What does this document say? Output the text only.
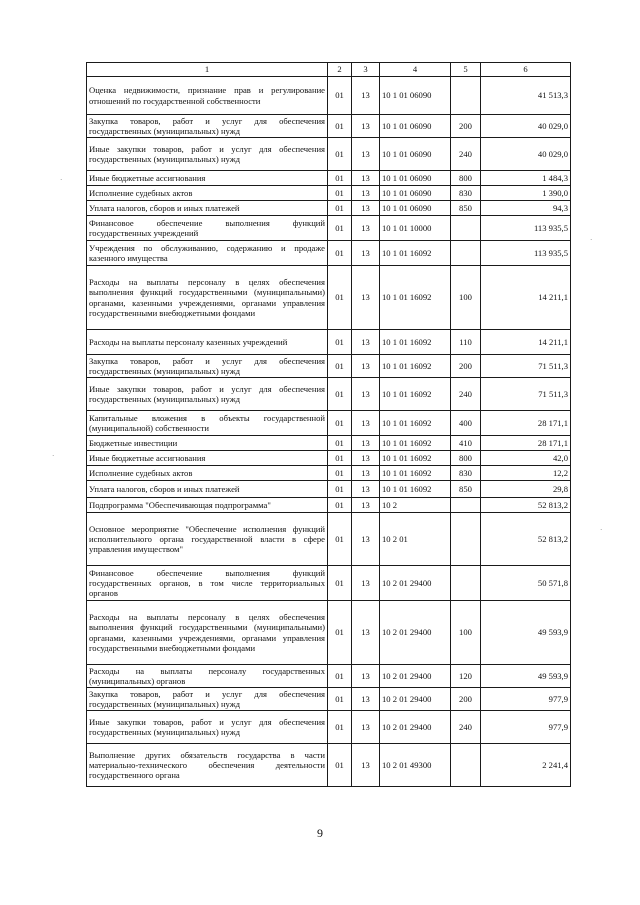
1	2	3	4	5	6
Оценка недвижимости, признание прав и регулирование отношений по государственной собственности	01	13	10 1 01 06090		41 513,3
Закупка товаров, работ и услуг для обеспечения государственных (муниципальных) нужд	01	13	10 1 01 06090	200	40 029,0
Иные закупки товаров, работ и услуг для обеспечения государственных (муниципальных) нужд	01	13	10 1 01 06090	240	40 029,0
Иные бюджетные ассигнования	01	13	10 1 01 06090	800	1 484,3
Исполнение судебных актов	01	13	10 1 01 06090	830	1 390,0
Уплата налогов, сборов и иных платежей	01	13	10 1 01 06090	850	94,3
Финансовое обеспечение выполнения функций государственных учреждений	01	13	10 1 01 10000		113 935,5
Учреждения по обслуживанию, содержанию и продаже казенного имущества	01	13	10 1 01 16092		113 935,5
Расходы на выплаты персоналу в целях обеспечения выполнения функций государственными (муниципальными) органами, казенными учреждениями, органами управления государственными внебюджетными фондами	01	13	10 1 01 16092	100	14 211,1
Расходы на выплаты персоналу казенных учреждений	01	13	10 1 01 16092	110	14 211,1
Закупка товаров, работ и услуг для обеспечения государственных (муниципальных) нужд	01	13	10 1 01 16092	200	71 511,3
Иные закупки товаров, работ и услуг для обеспечения государственных (муниципальных) нужд	01	13	10 1 01 16092	240	71 511,3
Капитальные вложения в объекты государственной (муниципальной) собственности	01	13	10 1 01 16092	400	28 171,1
Бюджетные инвестиции	01	13	10 1 01 16092	410	28 171,1
Иные бюджетные ассигнования	01	13	10 1 01 16092	800	42,0
Исполнение судебных актов	01	13	10 1 01 16092	830	12,2
Уплата налогов, сборов и иных платежей	01	13	10 1 01 16092	850	29,8
Подпрограмма "Обеспечивающая подпрограмма"	01	13	10 2		52 813,2
Основное мероприятие "Обеспечение исполнения функций исполнительного органа государственной власти в сфере управления имуществом"	01	13	10 2 01		52 813,2
Финансовое обеспечение выполнения функций государственных органов, в том числе территориальных органов	01	13	10 2 01 29400		50 571,8
Расходы на выплаты персоналу в целях обеспечения выполнения функций государственными (муниципальными) органами, казенными учреждениями, органами управления государственными внебюджетными фондами	01	13	10 2 01 29400	100	49 593,9
Расходы на выплаты персоналу государственных (муниципальных) органов	01	13	10 2 01 29400	120	49 593,9
Закупка товаров, работ и услуг для обеспечения государственных (муниципальных) нужд	01	13	10 2 01 29400	200	977,9
Иные закупки товаров, работ и услуг для обеспечения государственных (муниципальных) нужд	01	13	10 2 01 29400	240	977,9
Выполнение других обязательств государства в части материально-технического обеспечения деятельности государственного органа	01	13	10 2 01 49300		2 241,4
9
·
·
·
·
